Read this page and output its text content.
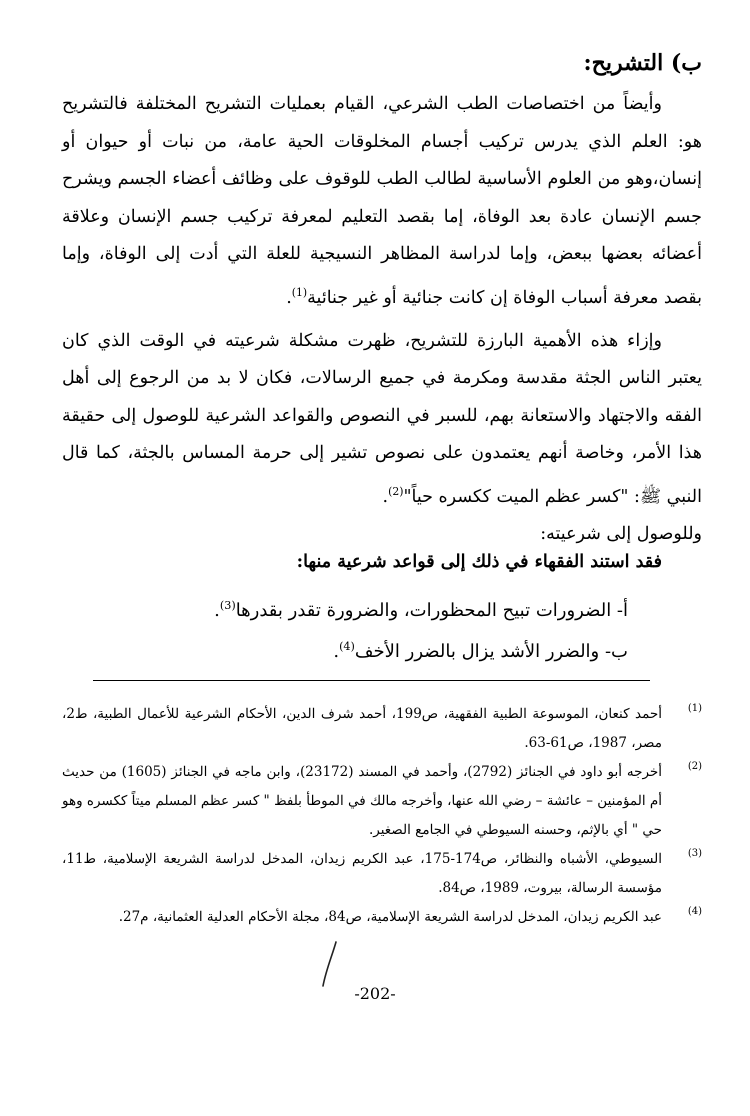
ب) التشريح:

وأيضاً من اختصاصات الطب الشرعي، القيام بعمليات التشريح المختلفة فالتشريح هو: العلم الذي يدرس تركيب أجسام المخلوقات الحية عامة، من نبات أو حيوان أو إنسان،وهو من العلوم الأساسية لطالب الطب للوقوف على وظائف أعضاء الجسم ويشرح جسم الإنسان عادة بعد الوفاة، إما بقصد التعليم لمعرفة تركيب جسم الإنسان وعلاقة أعضائه بعضها ببعض، وإما لدراسة المظاهر النسيجية للعلة التي أدت إلى الوفاة، وإما بقصد معرفة أسباب الوفاة إن كانت جنائية أو غير جنائية$^{(1)}$.

وإزاء هذه الأهمية البارزة للتشريح، ظهرت مشكلة شرعيته في الوقت الذي كان يعتبر الناس الجثة مقدسة ومكرمة في جميع الرسالات، فكان لا بد من الرجوع إلى أهل الفقه والاجتهاد والاستعانة بهم، للسبر في النصوص والقواعد الشرعية للوصول إلى حقيقة هذا الأمر، وخاصة أنهم يعتمدون على نصوص تشير إلى حرمة المساس بالجثة، كما قال النبي ﷺ: "كسر عظم الميت ككسره حياً"$^{(2)}$.

وللوصول إلى شرعيته:

فقد استند الفقهاء في ذلك إلى قواعد شرعية منها:
أ- الضرورات تبيح المحظورات، والضرورة تقدر بقدرها$^{(3)}$.
ب- والضرر الأشد يزال بالضرر الأخف$^{(4)}$.
(1)
أحمد كنعان، الموسوعة الطبية الفقهية، ص199، أحمد شرف الدين، الأحكام الشرعية للأعمال الطبية، ط2، مصر، 1987، ص61-63.
(2)
أخرجه أبو داود في الجنائز (2792)، وأحمد في المسند (23172)، وابن ماجه في الجنائز (1605) من حديث أم المؤمنين – عائشة – رضي الله عنها، وأخرجه مالك في الموطأ بلفظ " كسر عظم المسلم ميتاً ككسره وهو حي " أي بالإثم، وحسنه السيوطي في الجامع الصغير.
(3)
السيوطي، الأشباه والنظائر، ص174-175، عبد الكريم زيدان، المدخل لدراسة الشريعة الإسلامية، ط11، مؤسسة الرسالة، بيروت، 1989، ص84.
(4)
عبد الكريم زيدان، المدخل لدراسة الشريعة الإسلامية، ص84، مجلة الأحكام العدلية العثمانية، م27.
-202-
